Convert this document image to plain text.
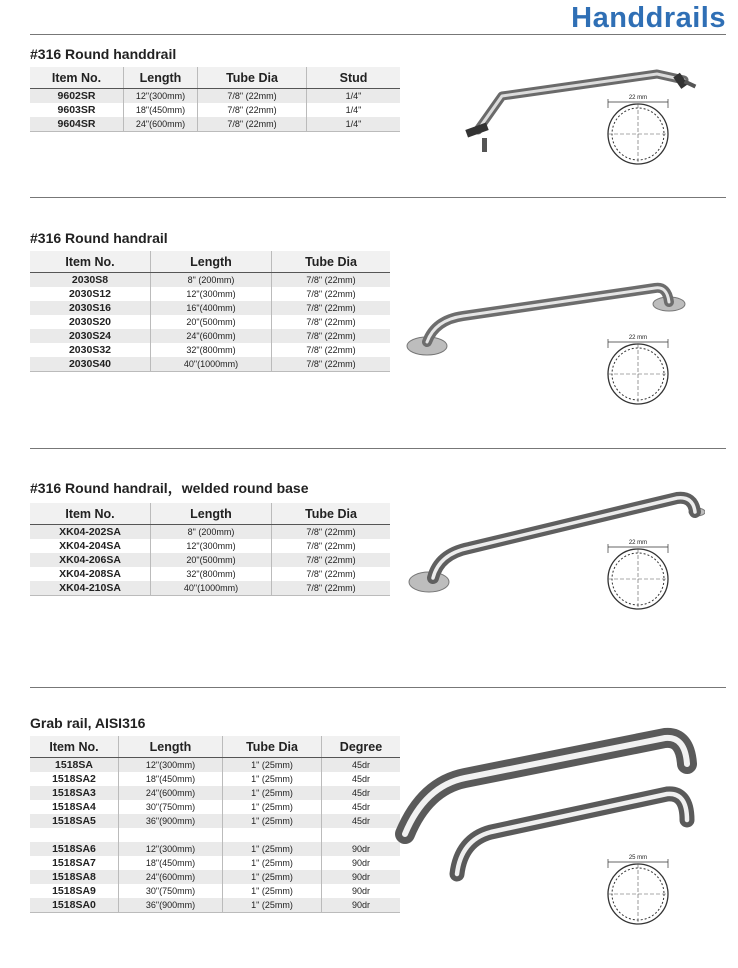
Handdrails
#316 Round handdrail
Item No.	Length	Tube Dia	Stud
9602SR	12"(300mm)	7/8" (22mm)	1/4"
9603SR	18"(450mm)	7/8" (22mm)	1/4"
9604SR	24"(600mm)	7/8" (22mm)	1/4"
#316 Round handrail
Item No.	Length	Tube Dia
2030S8	8" (200mm)	7/8" (22mm)
2030S12	12"(300mm)	7/8" (22mm)
2030S16	16"(400mm)	7/8" (22mm)
2030S20	20"(500mm)	7/8" (22mm)
2030S24	24"(600mm)	7/8" (22mm)
2030S32	32"(800mm)	7/8" (22mm)
2030S40	40"(1000mm)	7/8" (22mm)
#316 Round handrail，welded round base
Item No.	Length	Tube Dia
XK04-202SA	8" (200mm)	7/8" (22mm)
XK04-204SA	12"(300mm)	7/8" (22mm)
XK04-206SA	20"(500mm)	7/8" (22mm)
XK04-208SA	32"(800mm)	7/8" (22mm)
XK04-210SA	40"(1000mm)	7/8" (22mm)
Grab rail, AISI316
Item No.	Length	Tube Dia	Degree
1518SA	12"(300mm)	1" (25mm)	45dr
1518SA2	18"(450mm)	1" (25mm)	45dr
1518SA3	24"(600mm)	1" (25mm)	45dr
1518SA4	30"(750mm)	1" (25mm)	45dr
1518SA5	36"(900mm)	1" (25mm)	45dr

1518SA6	12"(300mm)	1" (25mm)	90dr
1518SA7	18"(450mm)	1" (25mm)	90dr
1518SA8	24"(600mm)	1" (25mm)	90dr
1518SA9	30"(750mm)	1" (25mm)	90dr
1518SA0	36"(900mm)	1" (25mm)	90dr
22 mm
22 mm
22 mm
25 mm
